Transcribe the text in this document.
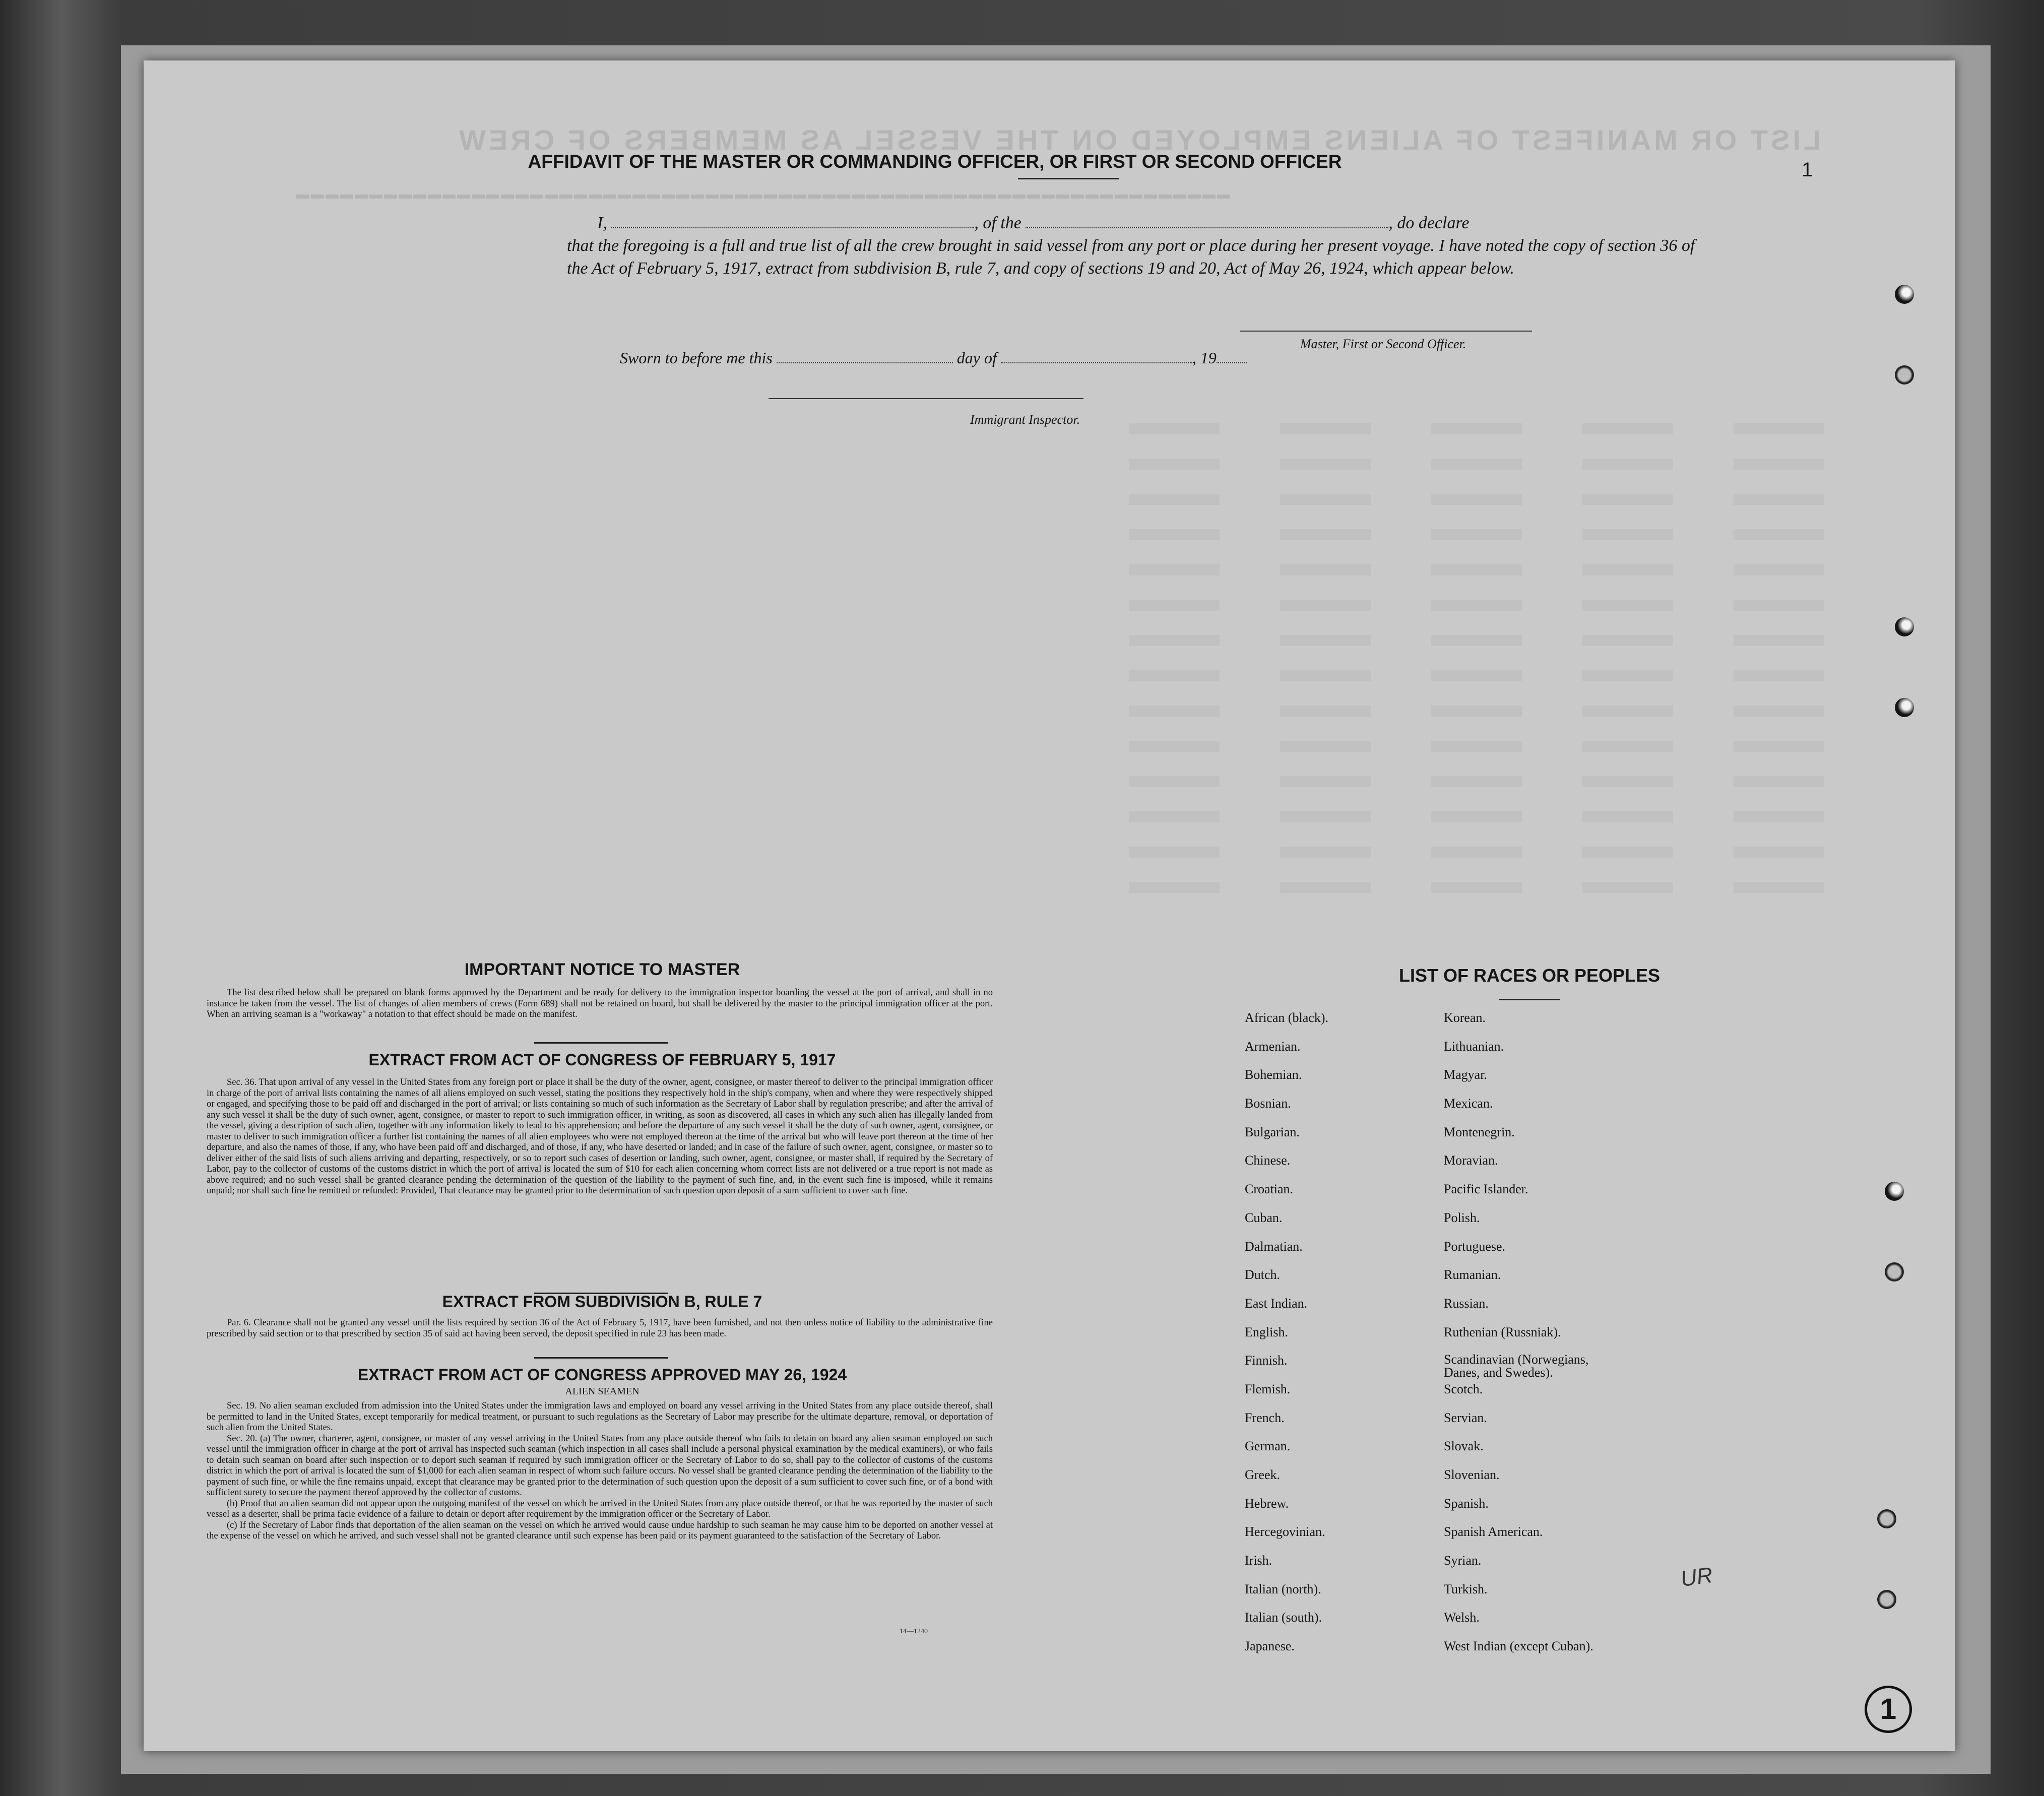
LIST OR MANIFEST OF ALIENS EMPLOYED ON THE VESSEL AS MEMBERS OF CREW
▬▬▬▬▬▬▬▬▬▬▬▬▬▬▬▬▬▬▬▬▬▬▬▬▬▬▬▬▬▬▬▬▬▬▬▬▬▬▬▬▬▬▬▬▬▬▬▬▬▬▬▬▬▬▬▬▬▬▬▬▬▬▬▬
AFFIDAVIT OF THE MASTER OR COMMANDING OFFICER, OR FIRST OR SECOND OFFICER
I,	, of the	, do declare
that the foregoing is a full and true list of all the crew brought in said vessel from any port or place during her present voyage. I have noted the copy of section 36 of the Act of February 5, 1917, extract from subdivision B, rule 7, and copy of sections 19 and 20, Act of May 26, 1924, which appear below.
Master, First or Second Officer.
Sworn to before me this	day of	, 19
Immigrant Inspector.
IMPORTANT NOTICE TO MASTER

The list described below shall be prepared on blank forms approved by the Department and be ready for delivery to the immigration inspector boarding the vessel at the port of arrival, and shall in no instance be taken from the vessel. The list of changes of alien members of crews (Form 689) shall not be retained on board, but shall be delivered by the master to the principal immigration officer at the port. When an arriving seaman is a "workaway" a notation to that effect should be made on the manifest.

EXTRACT FROM ACT OF CONGRESS OF FEBRUARY 5, 1917

Sec. 36. That upon arrival of any vessel in the United States from any foreign port or place it shall be the duty of the owner, agent, consignee, or master thereof to deliver to the principal immigration officer in charge of the port of arrival lists containing the names of all aliens employed on such vessel, stating the positions they respectively hold in the ship's company, when and where they were respectively shipped or engaged, and specifying those to be paid off and discharged in the port of arrival; or lists containing so much of such information as the Secretary of Labor shall by regulation prescribe; and after the arrival of any such vessel it shall be the duty of such owner, agent, consignee, or master to report to such immigration officer, in writing, as soon as discovered, all cases in which any such alien has illegally landed from the vessel, giving a description of such alien, together with any information likely to lead to his apprehension; and before the departure of any such vessel it shall be the duty of such owner, agent, consignee, or master to deliver to such immigration officer a further list containing the names of all alien employees who were not employed thereon at the time of the arrival but who will leave port thereon at the time of her departure, and also the names of those, if any, who have been paid off and discharged, and of those, if any, who have deserted or landed; and in case of the failure of such owner, agent, consignee, or master so to deliver either of the said lists of such aliens arriving and departing, respectively, or so to report such cases of desertion or landing, such owner, agent, consignee, or master shall, if required by the Secretary of Labor, pay to the collector of customs of the customs district in which the port of arrival is located the sum of $10 for each alien concerning whom correct lists are not delivered or a true report is not made as above required; and no such vessel shall be granted clearance pending the determination of the question of the liability to the payment of such fine, and, in the event such fine is imposed, while it remains unpaid; nor shall such fine be remitted or refunded: Provided, That clearance may be granted prior to the determination of such question upon deposit of a sum sufficient to cover such fine.

EXTRACT FROM SUBDIVISION B, RULE 7

Par. 6. Clearance shall not be granted any vessel until the lists required by section 36 of the Act of February 5, 1917, have been furnished, and not then unless notice of liability to the administrative fine prescribed by said section or to that prescribed by section 35 of said act having been served, the deposit specified in rule 23 has been made.

EXTRACT FROM ACT OF CONGRESS APPROVED MAY 26, 1924
ALIEN SEAMEN

Sec. 19. No alien seaman excluded from admission into the United States under the immigration laws and employed on board any vessel arriving in the United States from any place outside thereof, shall be permitted to land in the United States, except temporarily for medical treatment, or pursuant to such regulations as the Secretary of Labor may prescribe for the ultimate departure, removal, or deportation of such alien from the United States.

Sec. 20. (a) The owner, charterer, agent, consignee, or master of any vessel arriving in the United States from any place outside thereof who fails to detain on board any alien seaman employed on such vessel until the immigration officer in charge at the port of arrival has inspected such seaman (which inspection in all cases shall include a personal physical examination by the medical examiners), or who fails to detain such seaman on board after such inspection or to deport such seaman if required by such immigration officer or the Secretary of Labor to do so, shall pay to the collector of customs of the customs district in which the port of arrival is located the sum of $1,000 for each alien seaman in respect of whom such failure occurs. No vessel shall be granted clearance pending the determination of the liability to the payment of such fine, or while the fine remains unpaid, except that clearance may be granted prior to the determination of such question upon the deposit of a sum sufficient to cover such fine, or of a bond with sufficient surety to secure the payment thereof approved by the collector of customs.

(b) Proof that an alien seaman did not appear upon the outgoing manifest of the vessel on which he arrived in the United States from any place outside thereof, or that he was reported by the master of such vessel as a deserter, shall be prima facie evidence of a failure to detain or deport after requirement by the immigration officer or the Secretary of Labor.

(c) If the Secretary of Labor finds that deportation of the alien seaman on the vessel on which he arrived would cause undue hardship to such seaman he may cause him to be deported on another vessel at the expense of the vessel on which he arrived, and such vessel shall not be granted clearance until such expense has been paid or its payment guaranteed to the satisfaction of the Secretary of Labor.

14—1240
LIST OF RACES OR PEOPLES
African (black).
Armenian.
Bohemian.
Bosnian.
Bulgarian.
Chinese.
Croatian.
Cuban.
Dalmatian.
Dutch.
East Indian.
English.
Finnish.
Flemish.
French.
German.
Greek.
Hebrew.
Hercegovinian.
Irish.
Italian (north).
Italian (south).
Japanese.
Korean.
Lithuanian.
Magyar.
Mexican.
Montenegrin.
Moravian.
Pacific Islander.
Polish.
Portuguese.
Rumanian.
Russian.
Ruthenian (Russniak).
Scandinavian (Norwegians, Danes, and Swedes).
Scotch.
Servian.
Slovak.
Slovenian.
Spanish.
Spanish American.
Syrian.
Turkish.
Welsh.
West Indian (except Cuban).
1
UR
1
